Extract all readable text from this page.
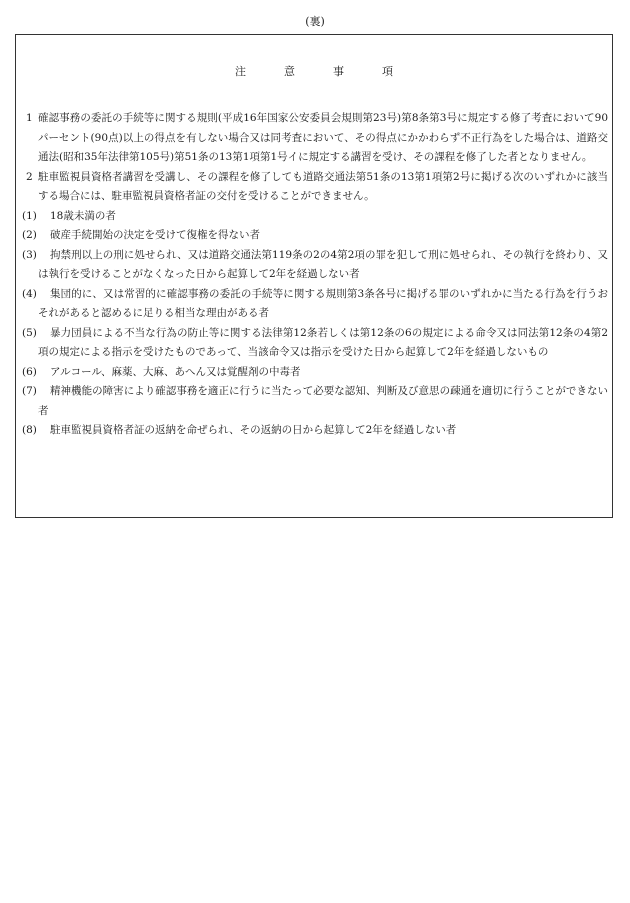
(裏)
注意事項
1 確認事務の委託の手続等に関する規則(平成16年国家公安委員会規則第23号)第8条第3号に規定する修了考査において90パーセント(90点)以上の得点を有しない場合又は同考査において、その得点にかかわらず不正行為をした場合は、道路交通法(昭和35年法律第105号)第51条の13第1項第1号イに規定する講習を受け、その課程を修了した者となりません。
2 駐車監視員資格者講習を受講し、その課程を修了しても道路交通法第51条の13第1項第2号に掲げる次のいずれかに該当する場合には、駐車監視員資格者証の交付を受けることができません。
(1)	18歳未満の者
(2)	破産手続開始の決定を受けて復権を得ない者
(3)	拘禁刑以上の刑に処せられ、又は道路交通法第119条の2の4第2項の罪を犯して刑に処せられ、その執行を終わり、又は執行を受けることがなくなった日から起算して2年を経過しない者
(4)	集団的に、又は常習的に確認事務の委託の手続等に関する規則第3条各号に掲げる罪のいずれかに当たる行為を行うおそれがあると認めるに足りる相当な理由がある者
(5)	暴力団員による不当な行為の防止等に関する法律第12条若しくは第12条の6の規定による命令又は同法第12条の4第2項の規定による指示を受けたものであって、当該命令又は指示を受けた日から起算して2年を経過しないもの
(6)	アルコール、麻薬、大麻、あへん又は覚醒剤の中毒者
(7)	精神機能の障害により確認事務を適正に行うに当たって必要な認知、判断及び意思の疎通を適切に行うことができない者
(8)	駐車監視員資格者証の返納を命ぜられ、その返納の日から起算して2年を経過しない者
